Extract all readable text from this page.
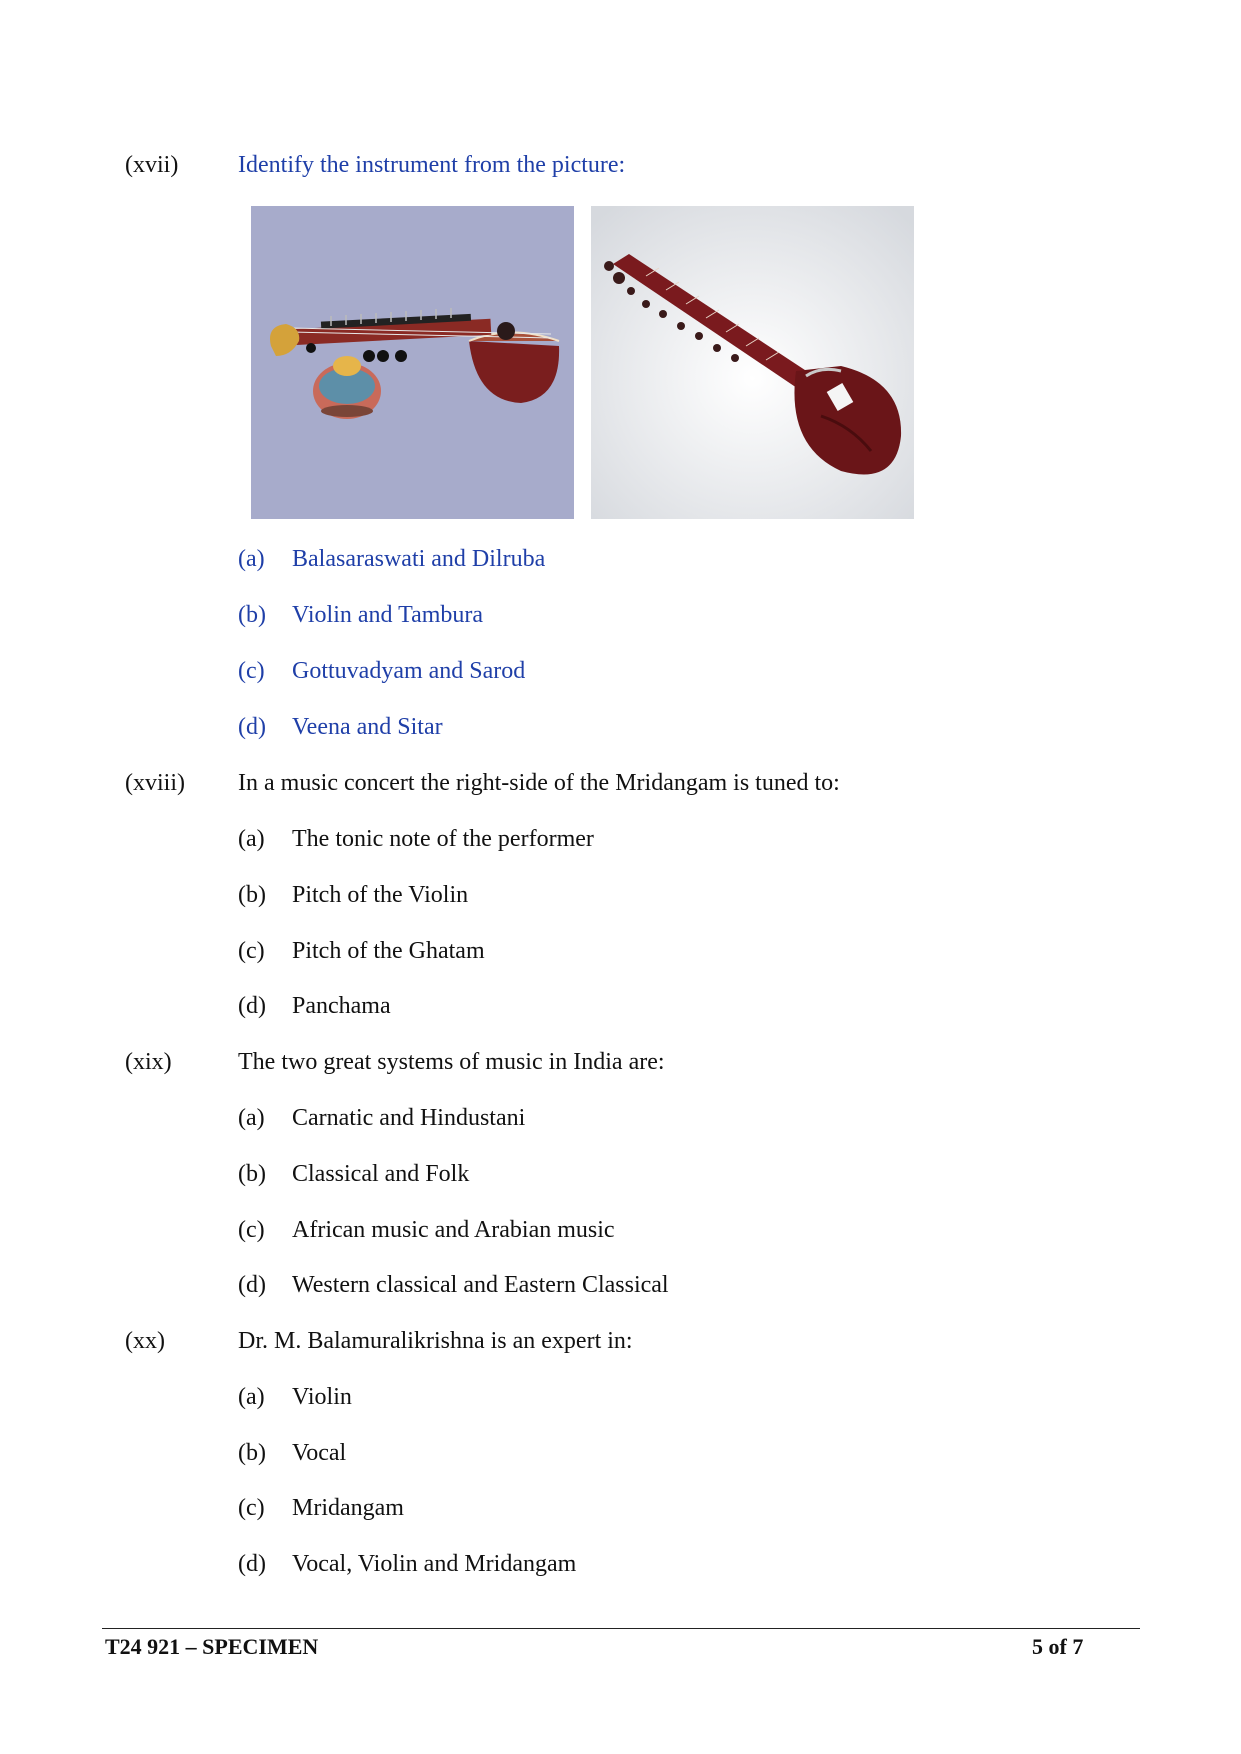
(xvii) Identify the instrument from the picture:
(a) Balasaraswati and Dilruba
(b) Violin and Tambura
(c) Gottuvadyam and Sarod
(d) Veena and Sitar
(xviii) In a music concert the right-side of the Mridangam is tuned to:
(a) The tonic note of the performer
(b) Pitch of the Violin
(c) Pitch of the Ghatam
(d) Panchama
(xix)	The two great systems of music in India are:
(a) Carnatic and Hindustani
(b) Classical and Folk
(c) African music and Arabian music
(d) Western classical and Eastern Classical
(xx)	Dr. M. Balamuralikrishna is an expert in:
(a) Violin
(b) Vocal
(c) Mridangam
(d) Vocal, Violin and Mridangam
T24 921 – SPECIMEN	5 of 7
